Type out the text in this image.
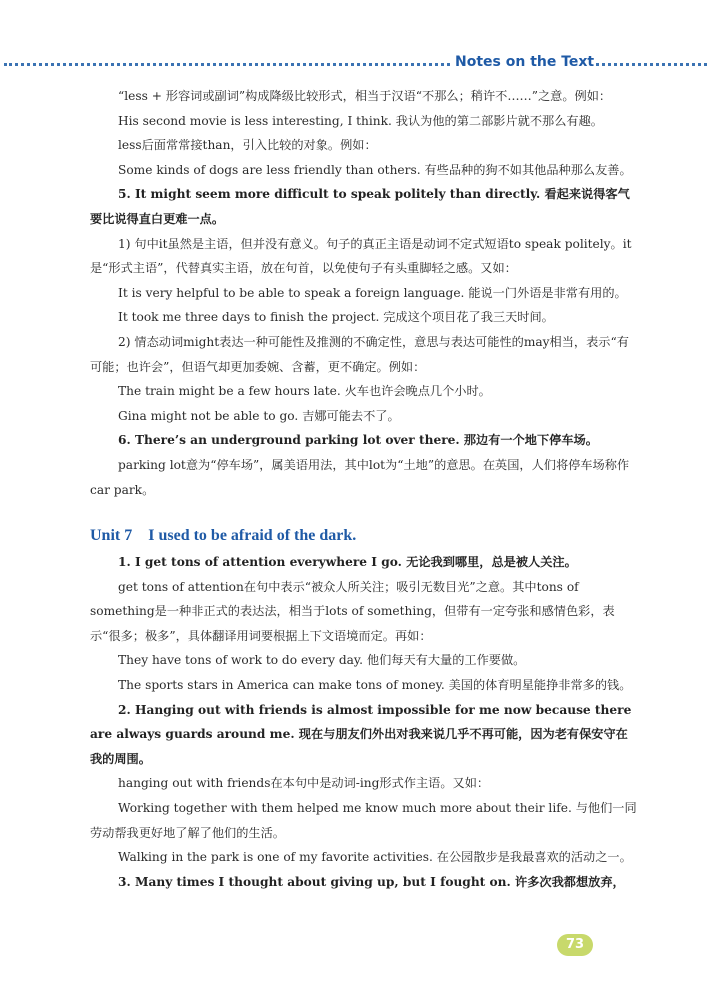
Notes on the Text

“less + 形容词或副词”构成降级比较形式，相当于汉语“不那么；稍许不……”之意。例如：

His second movie is less interesting, I think. 我认为他的第二部影片就不那么有趣。

less后面常常接than，引入比较的对象。例如：

Some kinds of dogs are less friendly than others. 有些品种的狗不如其他品种那么友善。

5. It might seem more difficult to speak politely than directly. 看起来说得客气要比说得直白更难一点。

1) 句中it虽然是主语，但并没有意义。句子的真正主语是动词不定式短语to speak politely。it是“形式主语”，代替真实主语，放在句首，以免使句子有头重脚轻之感。又如：

It is very helpful to be able to speak a foreign language. 能说一门外语是非常有用的。

It took me three days to finish the project. 完成这个项目花了我三天时间。

2) 情态动词might表达一种可能性及推测的不确定性，意思与表达可能性的may相当，表示“有可能；也许会”，但语气却更加委婉、含蓄，更不确定。例如：

The train might be a few hours late. 火车也许会晚点几个小时。

Gina might not be able to go. 吉娜可能去不了。

6. There’s an underground parking lot over there. 那边有一个地下停车场。

parking lot意为“停车场”，属美语用法，其中lot为“土地”的意思。在英国，人们将停车场称作car park。

Unit 7 I used to be afraid of the dark.

1. I get tons of attention everywhere I go. 无论我到哪里，总是被人关注。

get tons of attention在句中表示“被众人所关注；吸引无数目光”之意。其中tons of something是一种非正式的表达法，相当于lots of something，但带有一定夸张和感情色彩，表示“很多；极多”，具体翻译用词要根据上下文语境而定。再如：

They have tons of work to do every day. 他们每天有大量的工作要做。

The sports stars in America can make tons of money. 美国的体育明星能挣非常多的钱。

2. Hanging out with friends is almost impossible for me now because there are always guards around me. 现在与朋友们外出对我来说几乎不再可能，因为老有保安守在我的周围。

hanging out with friends在本句中是动词-ing形式作主语。又如：

Working together with them helped me know much more about their life. 与他们一同劳动帮我更好地了解了他们的生活。

Walking in the park is one of my favorite activities. 在公园散步是我最喜欢的活动之一。

3. Many times I thought about giving up, but I fought on. 许多次我都想放弃，

73
